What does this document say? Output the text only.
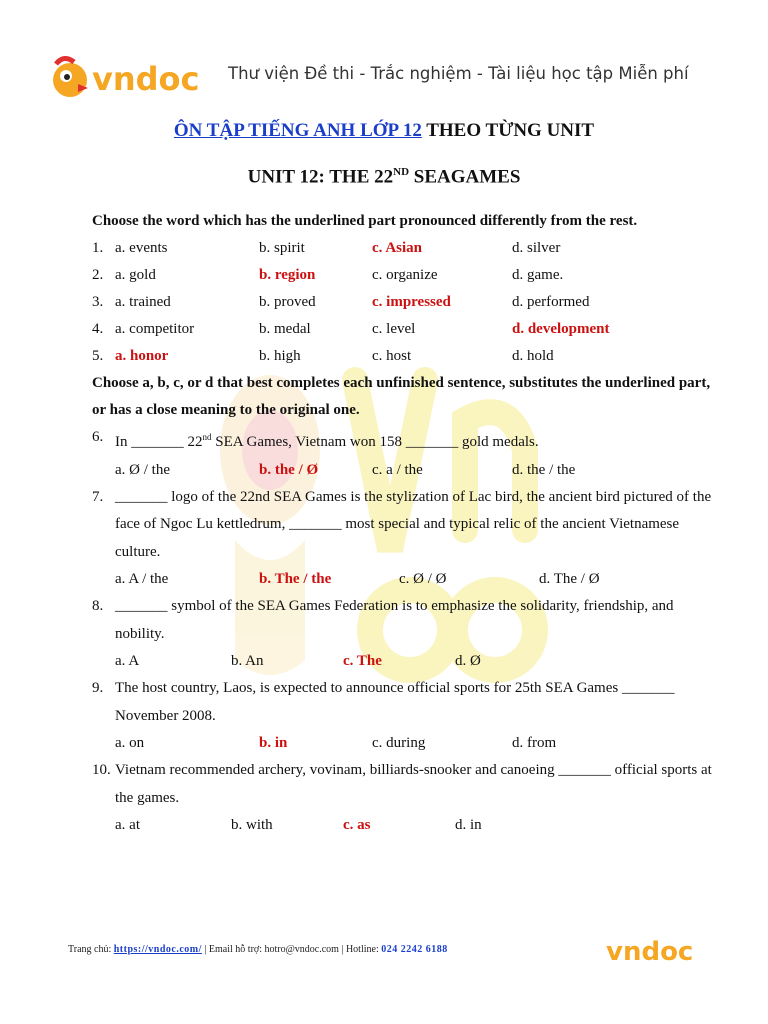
vndoc Thư viện Đề thi - Trắc nghiệm - Tài liệu học tập Miễn phí
ÔN TẬP TIẾNG ANH LỚP 12 THEO TỪNG UNIT
UNIT 12: THE 22ND SEAGAMES
Choose the word which has the underlined part pronounced differently from the rest.
1. a. events	b. spirit	c. Asian	d. silver
2. a. gold	b. region	c. organize	d. game.
3. a. trained	b. proved	c. impressed	d. performed
4. a. competitor	b. medal	c. level	d. development
5. a. honor	b. high	c. host	d. hold
Choose a, b, c, or d that best completes each unfinished sentence, substitutes the underlined part, or has a close meaning to the original one.
6. In _______ 22nd SEA Games, Vietnam won 158 _______ gold medals.
a. Ø / the	b. the / Ø	c. a / the	d. the / the
7. _______ logo of the 22nd SEA Games is the stylization of Lac bird, the ancient bird pictured of the face of Ngoc Lu kettledrum, _______ most special and typical relic of the ancient Vietnamese culture.
a. A / the	b. The / the	c. Ø / Ø	d. The / Ø
8. _______ symbol of the SEA Games Federation is to emphasize the solidarity, friendship, and nobility.
a. A	b. An	c. The	d. Ø
9. The host country, Laos, is expected to announce official sports for 25th SEA Games _______ November 2008.
a. on	b. in	c. during	d. from
10. Vietnam recommended archery, vovinam, billiards-snooker and canoeing _______ official sports at the games.
a. at	b. with	c. as	d. in
Trang chủ: https://vndoc.com/ | Email hỗ trợ: hotro@vndoc.com | Hotline: 024 2242 6188	vndoc
